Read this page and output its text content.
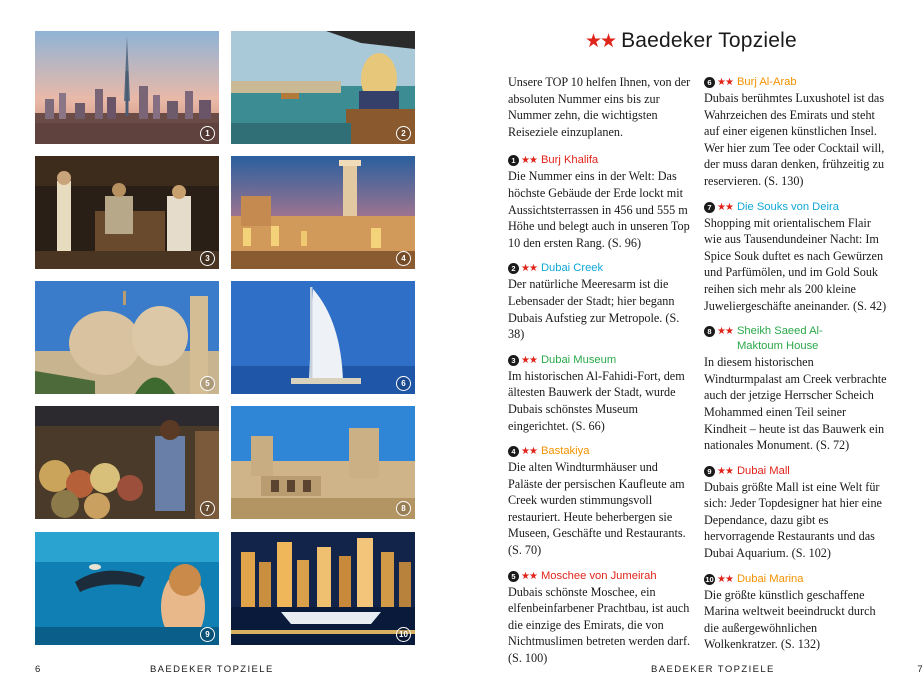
1	2
3	4
5	6
7	8
9	10
★★ Baedeker Topziele

Unsere TOP 10 helfen Ihnen, von der absoluten Nummer eins bis zur Nummer zehn, die wichtigsten Reiseziele einzuplanen.

1 ★★ Burj Khalifa
Die Nummer eins in der Welt: Das höchste Gebäude der Erde lockt mit Aussichtsterrassen in 456 und 555 m Höhe und belegt auch in unseren Top 10 den ersten Rang. (S. 96)
2 ★★ Dubai Creek
Der natürliche Meeresarm ist die Lebensader der Stadt; hier begann Dubais Aufstieg zur Metropole. (S. 38)
3 ★★ Dubai Museum
Im historischen Al-Fahidi-Fort, dem ältesten Bauwerk der Stadt, wurde Dubais schönstes Museum eingerichtet. (S. 66)
4 ★★ Bastakiya
Die alten Windturmhäuser und Paläste der persischen Kaufleute am Creek wurden stimmungsvoll restauriert. Heute beherbergen sie Museen, Geschäfte und Restaurants. (S. 70)
5 ★★ Moschee von Jumeirah
Dubais schönste Moschee, ein elfenbeinfarbener Prachtbau, ist auch die einzige des Emirats, die von Nichtmuslimen betreten werden darf. (S. 100)
6 ★★ Burj Al-Arab
Dubais berühmtes Luxushotel ist das Wahrzeichen des Emirats und steht auf einer eigenen künstlichen Insel. Wer hier zum Tee oder Cocktail will, der muss daran denken, frühzeitig zu reservieren. (S. 130)
7 ★★ Die Souks von Deira
Shopping mit orientalischem Flair wie aus Tausendundeiner Nacht: Im Spice Souk duftet es nach Gewürzen und Parfümölen, und im Gold Souk reihen sich mehr als 200 kleine Juweliergeschäfte aneinander. (S. 42)
8 ★★ Sheikh Saeed Al-Maktoum House
In diesem historischen Windturmpalast am Creek verbrachte auch der jetzige Herrscher Scheich Mohammed einen Teil seiner Kindheit – heute ist das Bauwerk ein nationales Monument. (S. 72)
9 ★★ Dubai Mall
Dubais größte Mall ist eine Welt für sich: Jeder Topdesigner hat hier eine Dependance, dazu gibt es hervorragende Restaurants und das Dubai Aquarium. (S. 102)
10 ★★ Dubai Marina
Die größte künstlich geschaffene Marina weltweit beeindruckt durch die außergewöhnlichen Wolkenkratzer. (S. 132)
6	BAEDEKER TOPZIELE	BAEDEKER TOPZIELE	7
